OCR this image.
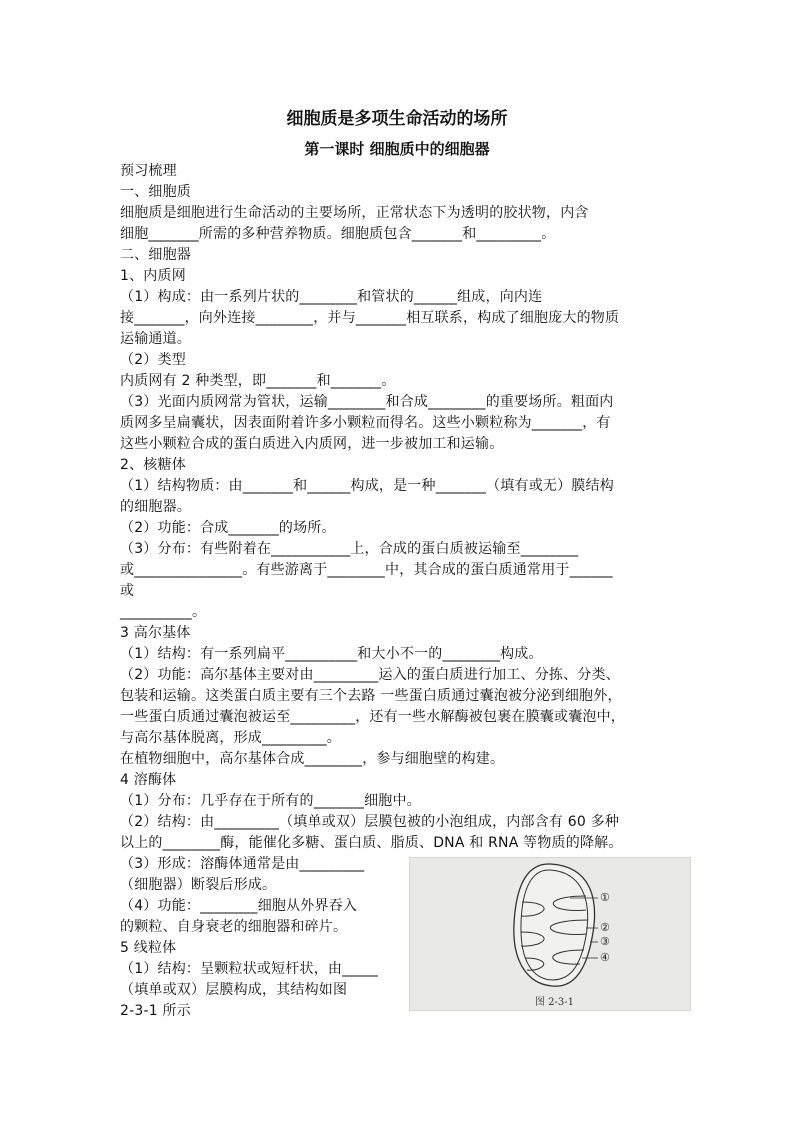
细胞质是多项生命活动的场所
第一课时 细胞质中的细胞器
预习梳理
一、细胞质
细胞质是细胞进行生命活动的主要场所，正常状态下为透明的胶状物，内含
细胞_______所需的多种营养物质。细胞质包含_______和_________。
二、细胞器
1、内质网
（1）构成：由一系列片状的________和管状的______组成，向内连
接_______，向外连接________，并与_______相互联系，构成了细胞庞大的物质
运输通道。
（2）类型
内质网有 2 种类型，即_______和_______。
（3）光面内质网常为管状，运输________和合成________的重要场所。粗面内
质网多呈扁囊状，因表面附着许多小颗粒而得名。这些小颗粒称为_______，有
这些小颗粒合成的蛋白质进入内质网，进一步被加工和运输。
2、核糖体
（1）结构物质：由_______和______构成，是一种_______（填有或无）膜结构
的细胞器。
（2）功能：合成_______的场所。
（3）分布：有些附着在___________上，合成的蛋白质被运输至________
或_______________。有些游离于________中，其合成的蛋白质通常用于______
或
__________。
3 高尔基体
（1）结构：有一系列扁平__________和大小不一的________构成。
（2）功能：高尔基体主要对由_________运入的蛋白质进行加工、分拣、分类、
包装和运输。这类蛋白质主要有三个去路 一些蛋白质通过囊泡被分泌到细胞外，
一些蛋白质通过囊泡被运至_________，还有一些水解酶被包裹在膜囊或囊泡中，
与高尔基体脱离，形成_________。
在植物细胞中，高尔基体合成________，参与细胞壁的构建。
4 溶酶体
（1）分布：几乎存在于所有的_______细胞中。
（2）结构：由_________（填单或双）层膜包被的小泡组成，内部含有 60 多种
以上的________酶，能催化多糖、蛋白质、脂质、DNA 和 RNA 等物质的降解。
（3）形成：溶酶体通常是由_________
（细胞器）断裂后形成。
（4）功能：________细胞从外界吞入
的颗粒、自身衰老的细胞器和碎片。
5 线粒体
（1）结构：呈颗粒状或短杆状，由_____
（填单或双）层膜构成，其结构如图
2-3-1 所示
①
②
③
④
图 2-3-1
